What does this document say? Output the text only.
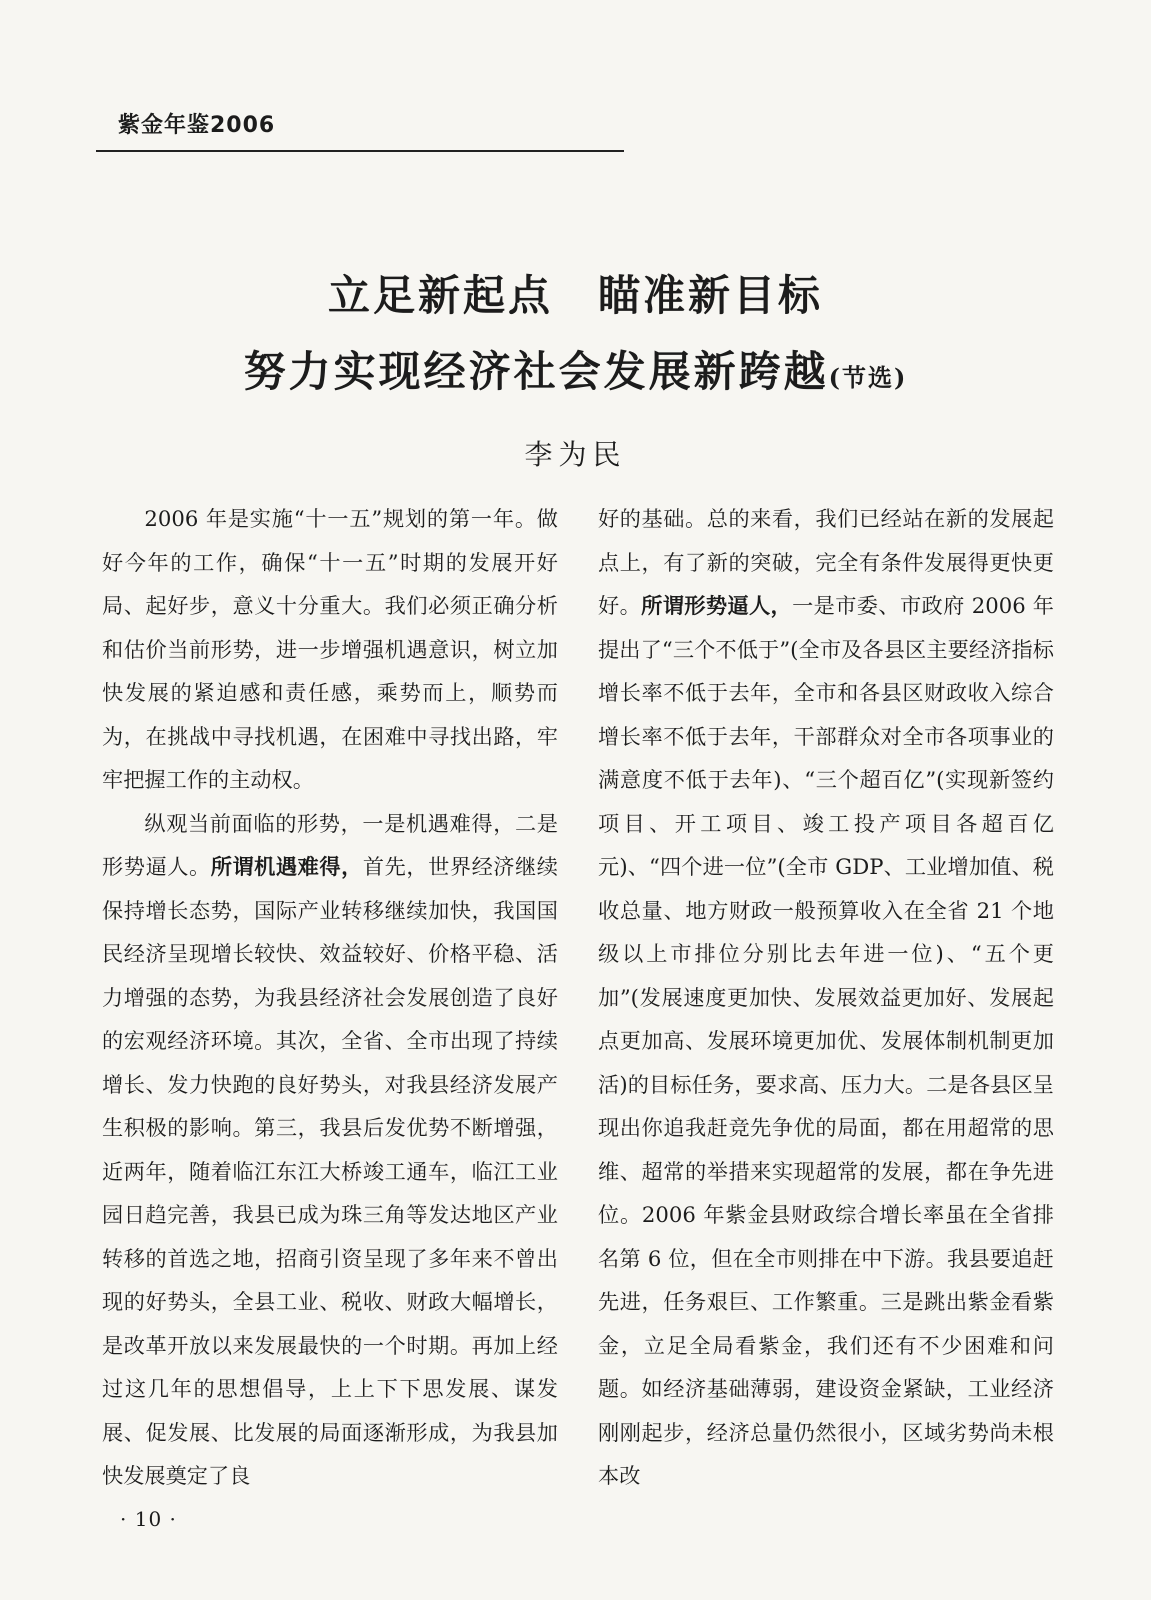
紫金年鉴2006
立足新起点　瞄准新目标
努力实现经济社会发展新跨越(节选)
李为民

2006 年是实施“十一五”规划的第一年。做好今年的工作，确保“十一五”时期的发展开好局、起好步，意义十分重大。我们必须正确分析和估价当前形势，进一步增强机遇意识，树立加快发展的紧迫感和责任感，乘势而上，顺势而为，在挑战中寻找机遇，在困难中寻找出路，牢牢把握工作的主动权。

纵观当前面临的形势，一是机遇难得，二是形势逼人。所谓机遇难得，首先，世界经济继续保持增长态势，国际产业转移继续加快，我国国民经济呈现增长较快、效益较好、价格平稳、活力增强的态势，为我县经济社会发展创造了良好的宏观经济环境。其次，全省、全市出现了持续增长、发力快跑的良好势头，对我县经济发展产生积极的影响。第三，我县后发优势不断增强，近两年，随着临江东江大桥竣工通车，临江工业园日趋完善，我县已成为珠三角等发达地区产业转移的首选之地，招商引资呈现了多年来不曾出现的好势头，全县工业、税收、财政大幅增长，是改革开放以来发展最快的一个时期。再加上经过这几年的思想倡导，上上下下思发展、谋发展、促发展、比发展的局面逐渐形成，为我县加快发展奠定了良

好的基础。总的来看，我们已经站在新的发展起点上，有了新的突破，完全有条件发展得更快更好。所谓形势逼人，一是市委、市政府 2006 年提出了“三个不低于”(全市及各县区主要经济指标增长率不低于去年，全市和各县区财政收入综合增长率不低于去年，干部群众对全市各项事业的满意度不低于去年)、“三个超百亿”(实现新签约项目、开工项目、竣工投产项目各超百亿元)、“四个进一位”(全市 GDP、工业增加值、税收总量、地方财政一般预算收入在全省 21 个地级以上市排位分别比去年进一位)、“五个更加”(发展速度更加快、发展效益更加好、发展起点更加高、发展环境更加优、发展体制机制更加活)的目标任务，要求高、压力大。二是各县区呈现出你追我赶竞先争优的局面，都在用超常的思维、超常的举措来实现超常的发展，都在争先进位。2006 年紫金县财政综合增长率虽在全省排名第 6 位，但在全市则排在中下游。我县要追赶先进，任务艰巨、工作繁重。三是跳出紫金看紫金，立足全局看紫金，我们还有不少困难和问题。如经济基础薄弱，建设资金紧缺，工业经济刚刚起步，经济总量仍然很小，区域劣势尚未根本改

· 10 ·
